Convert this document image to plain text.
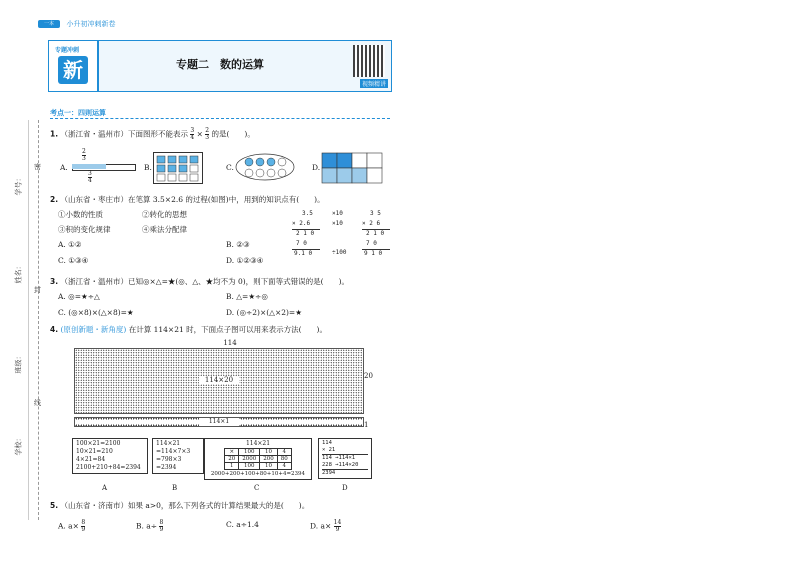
一本 小升初冲刺新卷
专题冲刺
新	专题二　数的运算
视频精讲
学校：
班级：
姓名：
学号：
密
封
线
考点一：四则运算
1. （浙江省・温州市）下面图形不能表示 $\frac{3}{4} \times \frac{2}{3}$ 的是(　　)。
A.
$\frac{2}{3}$
$\frac{3}{4}$
B.	C.	D.
2. （山东省・枣庄市）在笔算 3.5×2.6 的过程(如图)中，用到的知识点有(　　)。
①小数的性质	②转化的思想
③积的变化规律	④乘法分配律
A. ①②	B. ②③
C. ①③④	D. ①②③④
3.5
× 2.6
2 1 0
7 0
9.1 0
×10
×10
÷100
3 5
× 2 6
2 1 0
7 0
9 1 0
3. （浙江省・温州市）已知◎×△=★(◎、△、★均不为 0)，则下面等式错误的是(　　)。
A. ◎=★÷△	B. △=★÷◎
C. (◎×8)×(△×8)=★	D. (◎÷2)×(△×2)=★
4. (原创新题・新角度) 在计算 114×21 时，下面点子图可以用来表示方法(　　)。
114
114×20	20
114×1	1
100×21=2100
10×21=210
4×21=84
2100+210+84=2394
A
114×21
=114×7×3
=798×3
=2394
B
114×21
×	100	10	4
20	2000	200	80
1	100	10	4
2000+200+100+80+10+4=2394
C
114
× 21
114 →114×1
228 →114×20
2394
D
5. （山东省・济南市）如果 a>0，那么下列各式的计算结果最大的是(　　)。
A. $a\times \frac{8}{9}$	B. $a\div \frac{8}{9}$	C. a÷1.4	D. $a\times \frac{14}{9}$
